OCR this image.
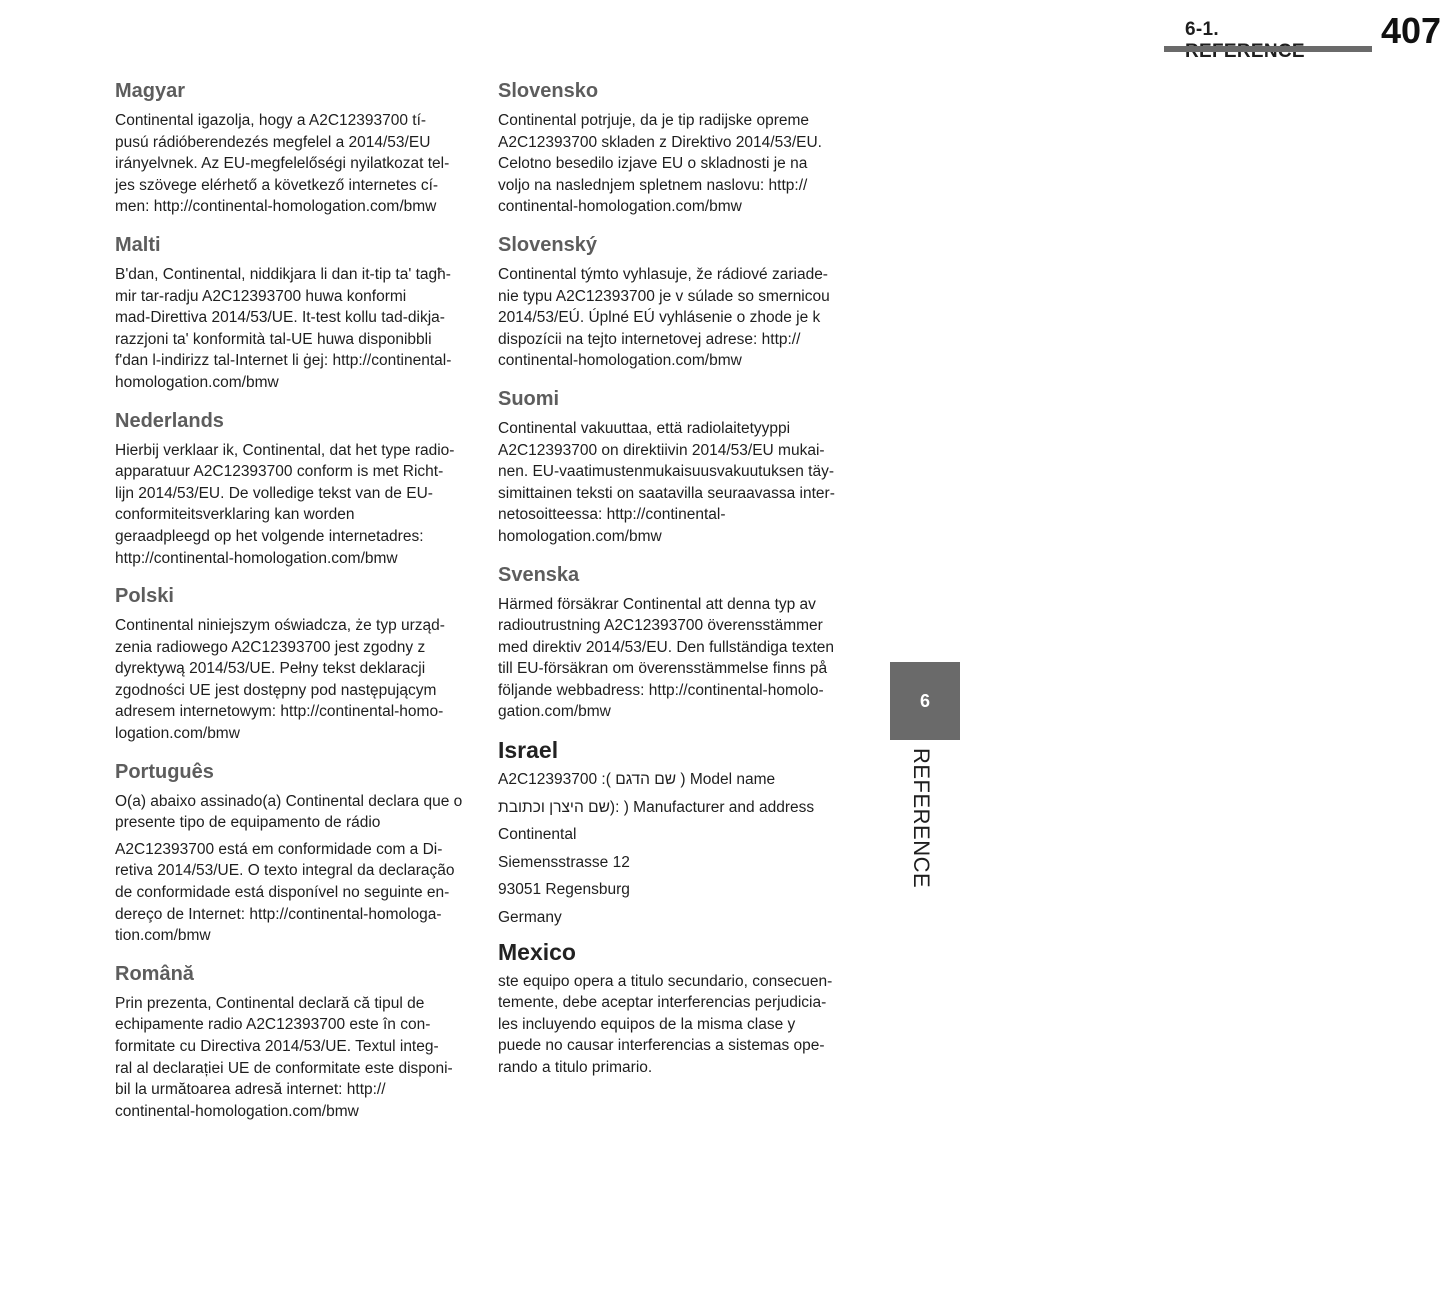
6-1.	407
6
REFERENCE
Magyar

Continental igazolja, hogy a A2C12393700 tí-
pusú rádióberendezés megfelel a 2014/53/EU
irányelvnek. Az EU-megfelelőségi nyilatkozat tel-
jes szövege elérhető a következő internetes cí-
men: http://continental-homologation.com/bmw

Malti

B'dan, Continental, niddikjara li dan it-tip ta' tagħ-
mir tar-radju A2C12393700 huwa konformi
mad-Direttiva 2014/53/UE. It-test kollu tad-dikja-
razzjoni ta' konformità tal-UE huwa disponibbli
f'dan l-indirizz tal-Internet li ġej: http://continental-
homologation.com/bmw

Nederlands

Hierbij verklaar ik, Continental, dat het type radio-
apparatuur A2C12393700 conform is met Richt-
lijn 2014/53/EU. De volledige tekst van de EU-
conformiteitsverklaring kan worden
geraadpleegd op het volgende internetadres:
http://continental-homologation.com/bmw

Polski

Continental niniejszym oświadcza, że typ urząd-
zenia radiowego A2C12393700 jest zgodny z
dyrektywą 2014/53/UE. Pełny tekst deklaracji
zgodności UE jest dostępny pod następującym
adresem internetowym: http://continental-homo-
logation.com/bmw

Português

O(a) abaixo assinado(a) Continental declara que o
presente tipo de equipamento de rádio

A2C12393700 está em conformidade com a Di-
retiva 2014/53/UE. O texto integral da declaração
de conformidade está disponível no seguinte en-
dereço de Internet: http://continental-homologa-
tion.com/bmw

Română

Prin prezenta, Continental declară că tipul de
echipamente radio A2C12393700 este în con-
formitate cu Directiva 2014/53/UE. Textul integ-
ral al declarației UE de conformitate este disponi-
bil la următoarea adresă internet: http://
continental-homologation.com/bmw

Slovensko

Continental potrjuje, da je tip radijske opreme
A2C12393700 skladen z Direktivo 2014/53/EU.
Celotno besedilo izjave EU o skladnosti je na
voljo na naslednjem spletnem naslovu: http://
continental-homologation.com/bmw

Slovenský

Continental týmto vyhlasuje, že rádiové zariade-
nie typu A2C12393700 je v súlade so smernicou
2014/53/EÚ. Úplné EÚ vyhlásenie o zhode je k
dispozícii na tejto internetovej adrese: http://
continental-homologation.com/bmw

Suomi

Continental vakuuttaa, että radiolaitetyyppi
A2C12393700 on direktiivin 2014/53/EU mukai-
nen. EU-vaatimustenmukaisuusvakuutuksen täy-
simittainen teksti on saatavilla seuraavassa inter-
netosoitteessa: http://continental-
homologation.com/bmw

Svenska

Härmed försäkrar Continental att denna typ av
radioutrustning A2C12393700 överensstämmer
med direktiv 2014/53/EU. Den fullständiga texten
till EU-försäkran om överensstämmelse finns på
följande webbadress: http://continental-homolo-
gation.com/bmw

Israel

A2C12393700 :( שם הדגם ) Model name

שם היצרן וכתובת): ) Manufacturer and address

Continental

Siemensstrasse 12

93051 Regensburg

Germany

Mexico

ste equipo opera a titulo secundario, consecuen-
temente, debe aceptar interferencias perjudicia-
les incluyendo equipos de la misma clase y
puede no causar interferencias a sistemas ope-
rando a titulo primario.
